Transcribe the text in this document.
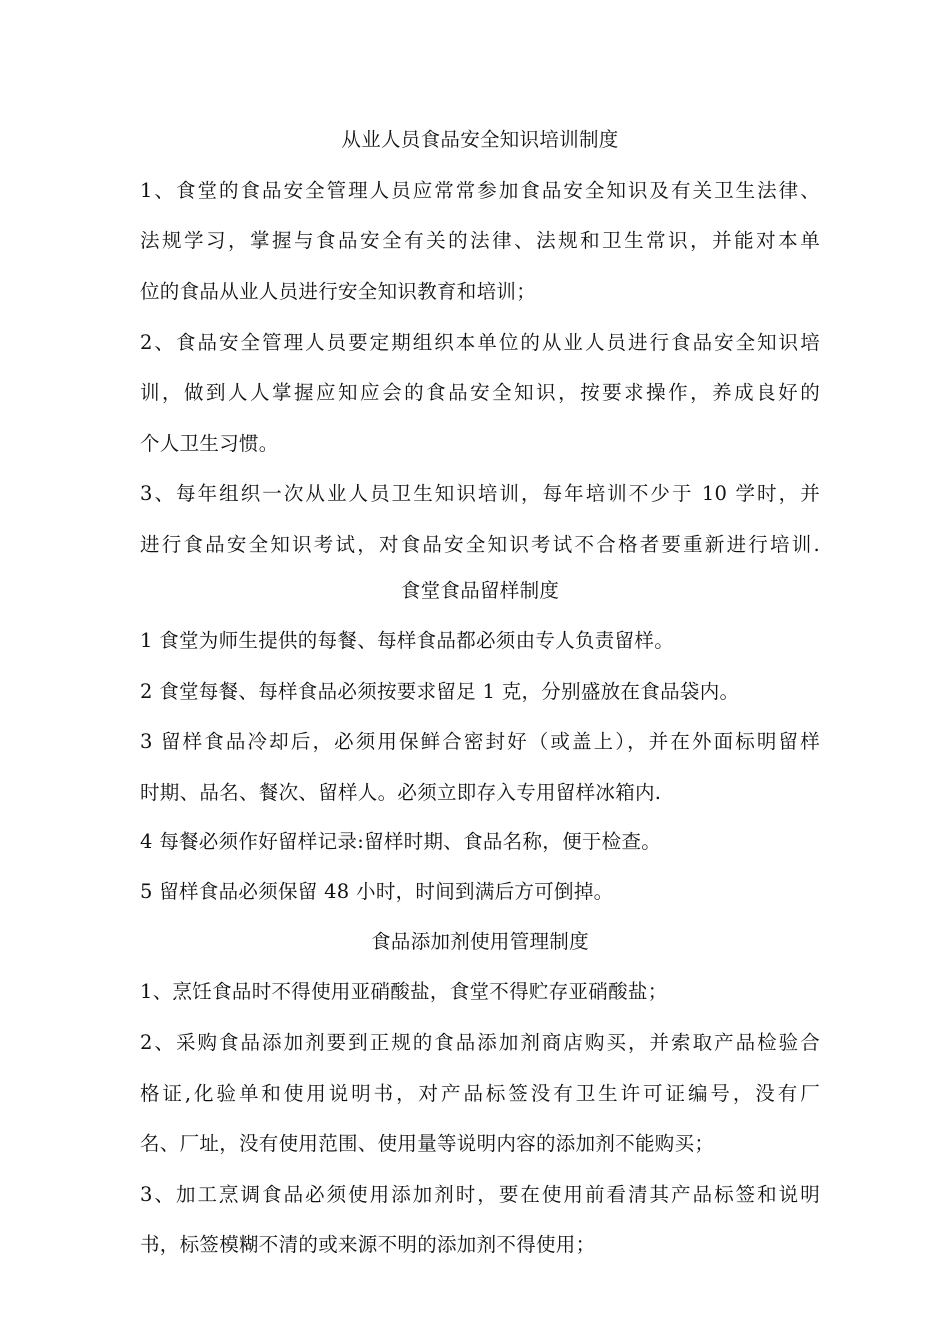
从业人员食品安全知识培训制度
1、食堂的食品安全管理人员应常常参加食品安全知识及有关卫生法律、
法规学习，掌握与食品安全有关的法律、法规和卫生常识，并能对本单
位的食品从业人员进行安全知识教育和培训；
2、食品安全管理人员要定期组织本单位的从业人员进行食品安全知识培
训，做到人人掌握应知应会的食品安全知识，按要求操作，养成良好的
个人卫生习惯。
3、每年组织一次从业人员卫生知识培训，每年培训不少于 10 学时，并
进行食品安全知识考试，对食品安全知识考试不合格者要重新进行培训.
食堂食品留样制度
1 食堂为师生提供的每餐、每样食品都必须由专人负责留样。
2 食堂每餐、每样食品必须按要求留足 1 克，分别盛放在食品袋内。
3 留样食品冷却后，必须用保鲜合密封好（或盖上），并在外面标明留样
时期、品名、餐次、留样人。必须立即存入专用留样冰箱内.
4 每餐必须作好留样记录:留样时期、食品名称，便于检查。
5 留样食品必须保留 48 小时，时间到满后方可倒掉。
食品添加剂使用管理制度
1、烹饪食品时不得使用亚硝酸盐，食堂不得贮存亚硝酸盐；
2、采购食品添加剂要到正规的食品添加剂商店购买，并索取产品检验合
格证,化验单和使用说明书，对产品标签没有卫生许可证编号，没有厂
名、厂址，没有使用范围、使用量等说明内容的添加剂不能购买；
3、加工烹调食品必须使用添加剂时，要在使用前看清其产品标签和说明
书，标签模糊不清的或来源不明的添加剂不得使用；
